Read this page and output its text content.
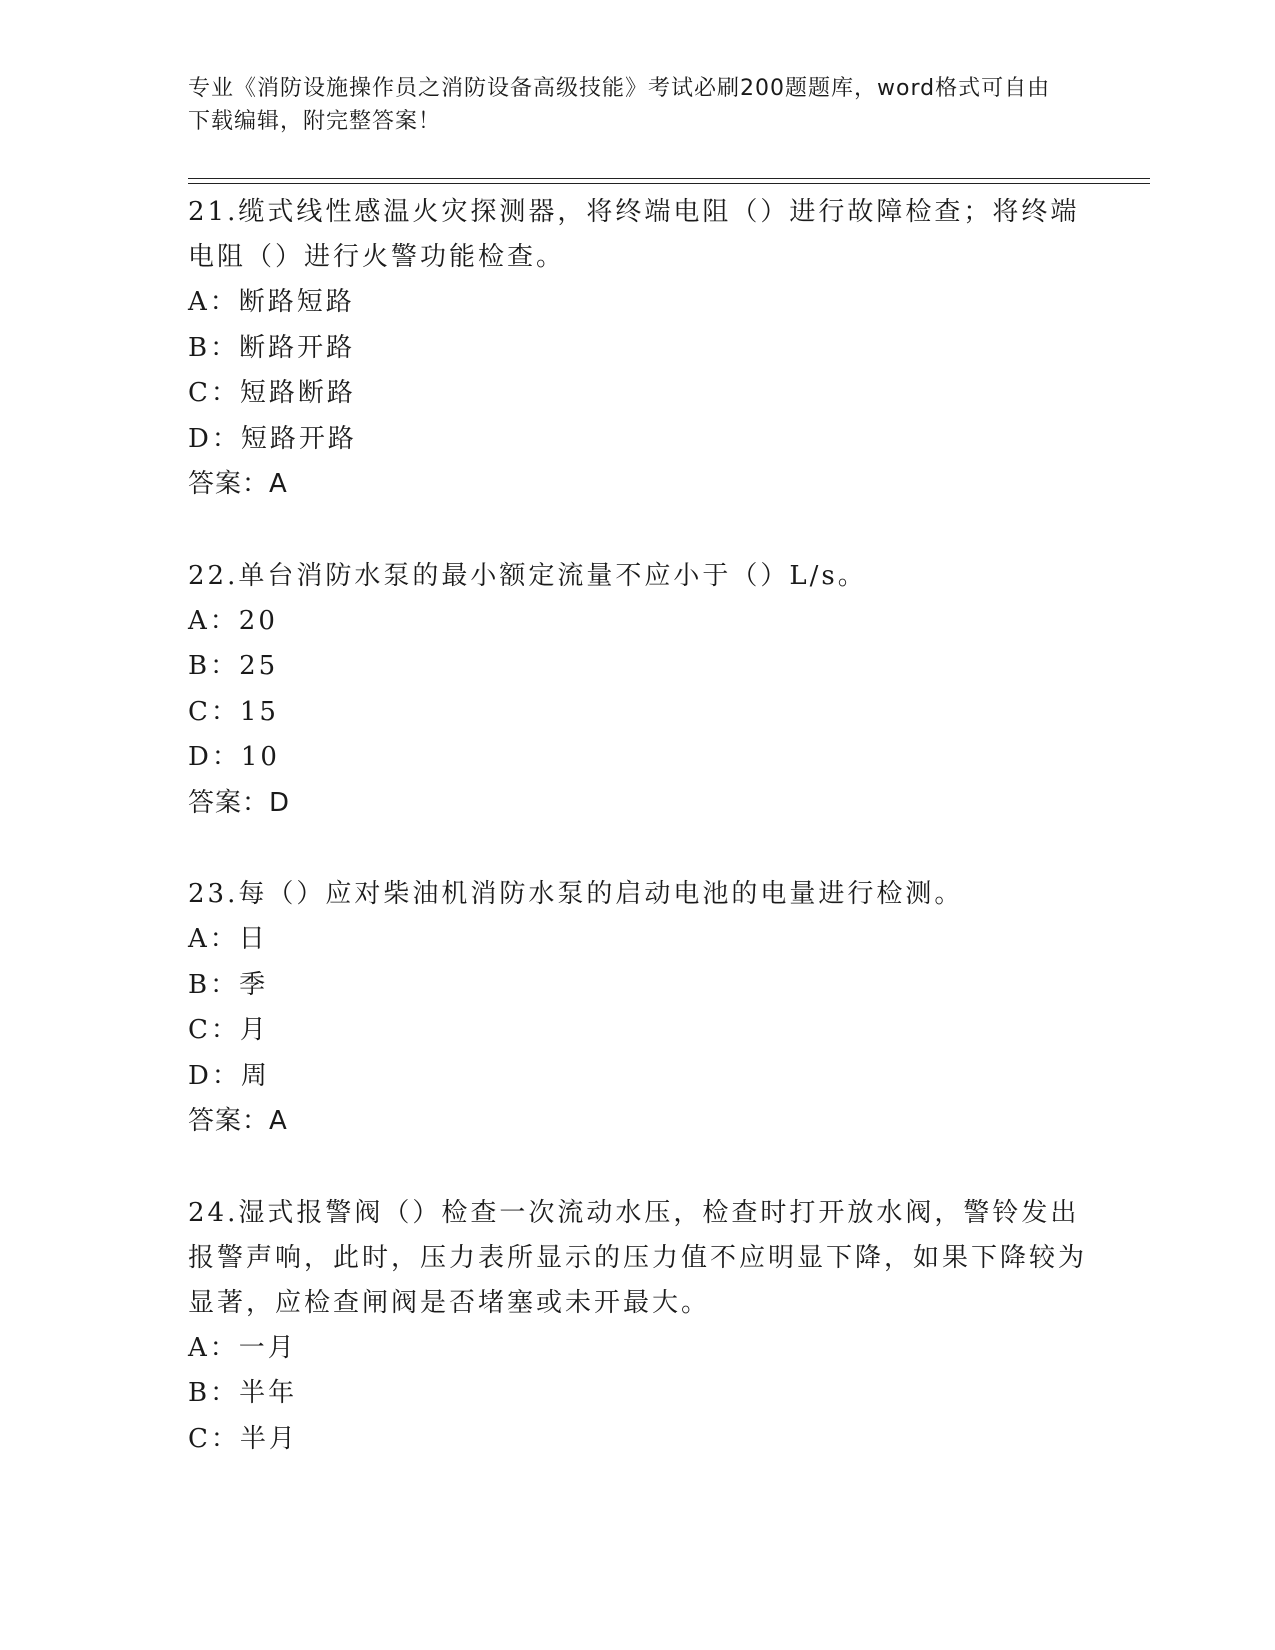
专业《消防设施操作员之消防设备高级技能》考试必刷200题题库，word格式可自由下载编辑，附完整答案！
21.缆式线性感温火灾探测器，将终端电阻（）进行故障检查；将终端电阻（）进行火警功能检查。
A：断路短路
B：断路开路
C：短路断路
D：短路开路
答案：A
22.单台消防水泵的最小额定流量不应小于（）L/s。
A：20
B：25
C：15
D：10
答案：D
23.每（）应对柴油机消防水泵的启动电池的电量进行检测。
A：日
B：季
C：月
D：周
答案：A
24.湿式报警阀（）检查一次流动水压，检查时打开放水阀，警铃发出报警声响，此时，压力表所显示的压力值不应明显下降，如果下降较为显著，应检查闸阀是否堵塞或未开最大。
A：一月
B：半年
C：半月
